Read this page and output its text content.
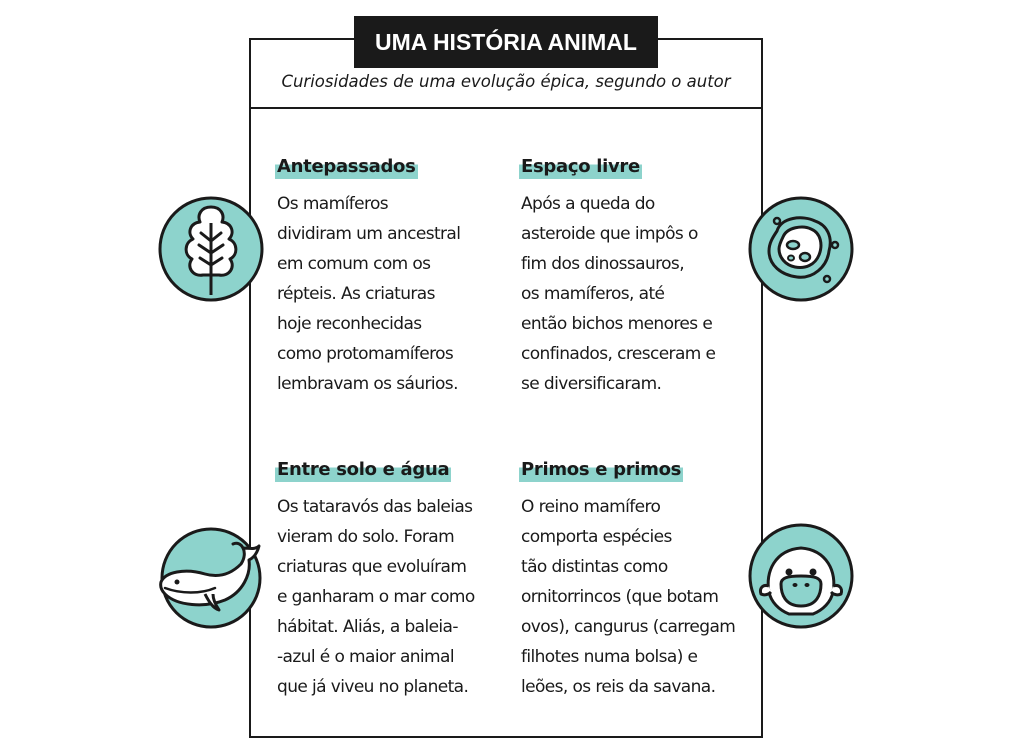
UMA HISTÓRIA ANIMAL
Curiosidades de uma evolução épica, segundo o autor
Antepassados
Os mamíferos
dividiram um ancestral
em comum com os
répteis. As criaturas
hoje reconhecidas
como protomamíferos
lembravam os sáurios.
Espaço livre
Após a queda do
asteroide que impôs o
fim dos dinossauros,
os mamíferos, até
então bichos menores e
confinados, cresceram e
se diversificaram.
Entre solo e água
Os tataravós das baleias
vieram do solo. Foram
criaturas que evoluíram
e ganharam o mar como
hábitat. Aliás, a baleia-
-azul é o maior animal
que já viveu no planeta.
Primos e primos
O reino mamífero
comporta espécies
tão distintas como
ornitorrincos (que botam
ovos), cangurus (carregam
filhotes numa bolsa) e
leões, os reis da savana.
